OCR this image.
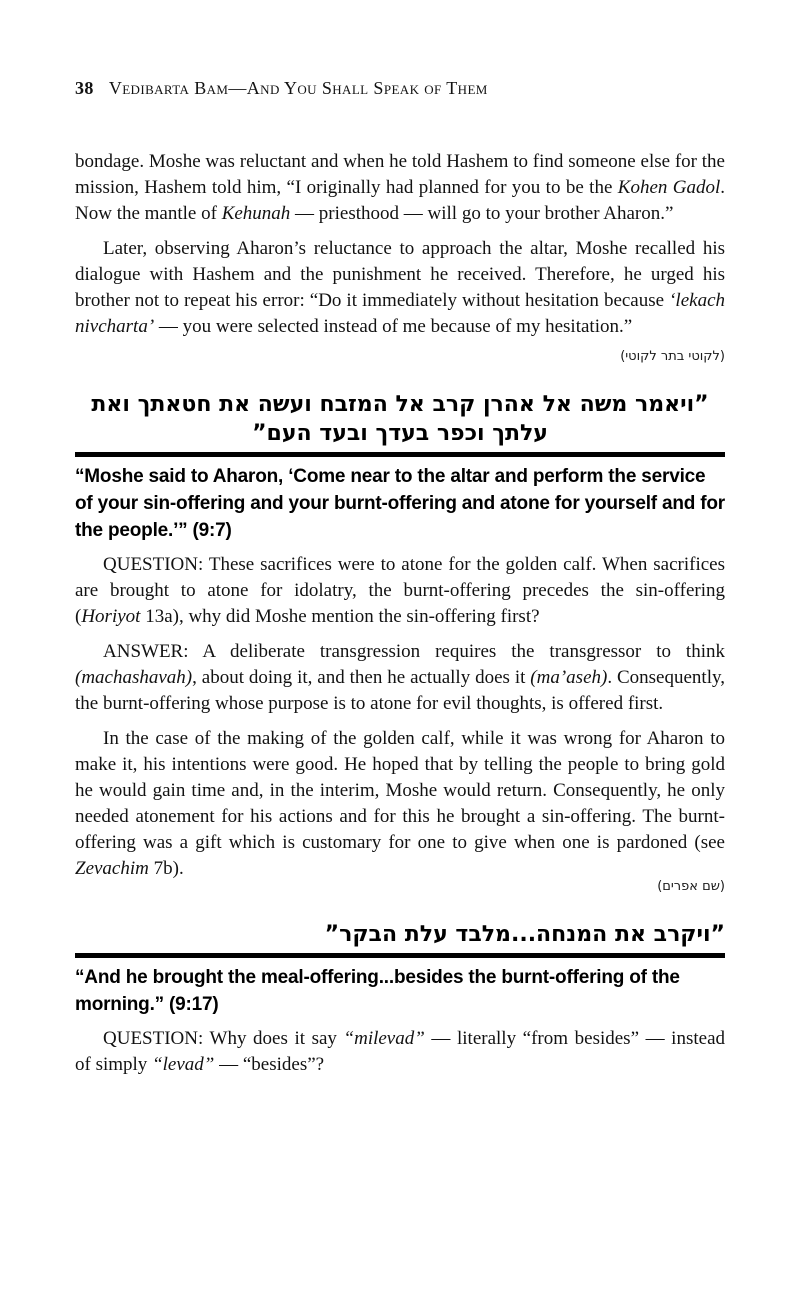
38 Vedibarta Bam—And You Shall Speak of Them

bondage. Moshe was reluctant and when he told Hashem to find someone else for the mission, Hashem told him, “I originally had planned for you to be the Kohen Gadol. Now the mantle of Kehunah — priesthood — will go to your brother Aharon.”

Later, observing Aharon’s reluctance to approach the altar, Moshe recalled his dialogue with Hashem and the punishment he received. Therefore, he urged his brother not to repeat his error: “Do it immediately without hesitation because ‘lekach nivcharta’ — you were selected instead of me because of my hesitation.”

(לקוטי בתר לקוטי)
”ויאמר משה אל אהרן קרב אל המזבח ועשה את חטאתך ואת עלתך וכפר בעדך ובעד העם”
“Moshe said to Aharon, ‘Come near to the altar and perform the service of your sin-offering and your burnt-offering and atone for yourself and for the people.’” (9:7)

QUESTION: These sacrifices were to atone for the golden calf. When sacrifices are brought to atone for idolatry, the burnt-offering precedes the sin-offering (Horiyot 13a), why did Moshe mention the sin-offering first?

ANSWER: A deliberate transgression requires the transgressor to think (machashavah), about doing it, and then he actually does it (ma’aseh). Consequently, the burnt-offering whose purpose is to atone for evil thoughts, is offered first.

In the case of the making of the golden calf, while it was wrong for Aharon to make it, his intentions were good. He hoped that by telling the people to bring gold he would gain time and, in the interim, Moshe would return. Consequently, he only needed atonement for his actions and for this he brought a sin-offering. The burnt-offering was a gift which is customary for one to give when one is pardoned (see Zevachim 7b).

(שם אפרים)
”ויקרב את המנחה...מלבד עלת הבקר”
“And he brought the meal-offering...besides the burnt-offering of the morning.” (9:17)

QUESTION: Why does it say “milevad” — literally “from besides” — instead of simply “levad” — “besides”?
